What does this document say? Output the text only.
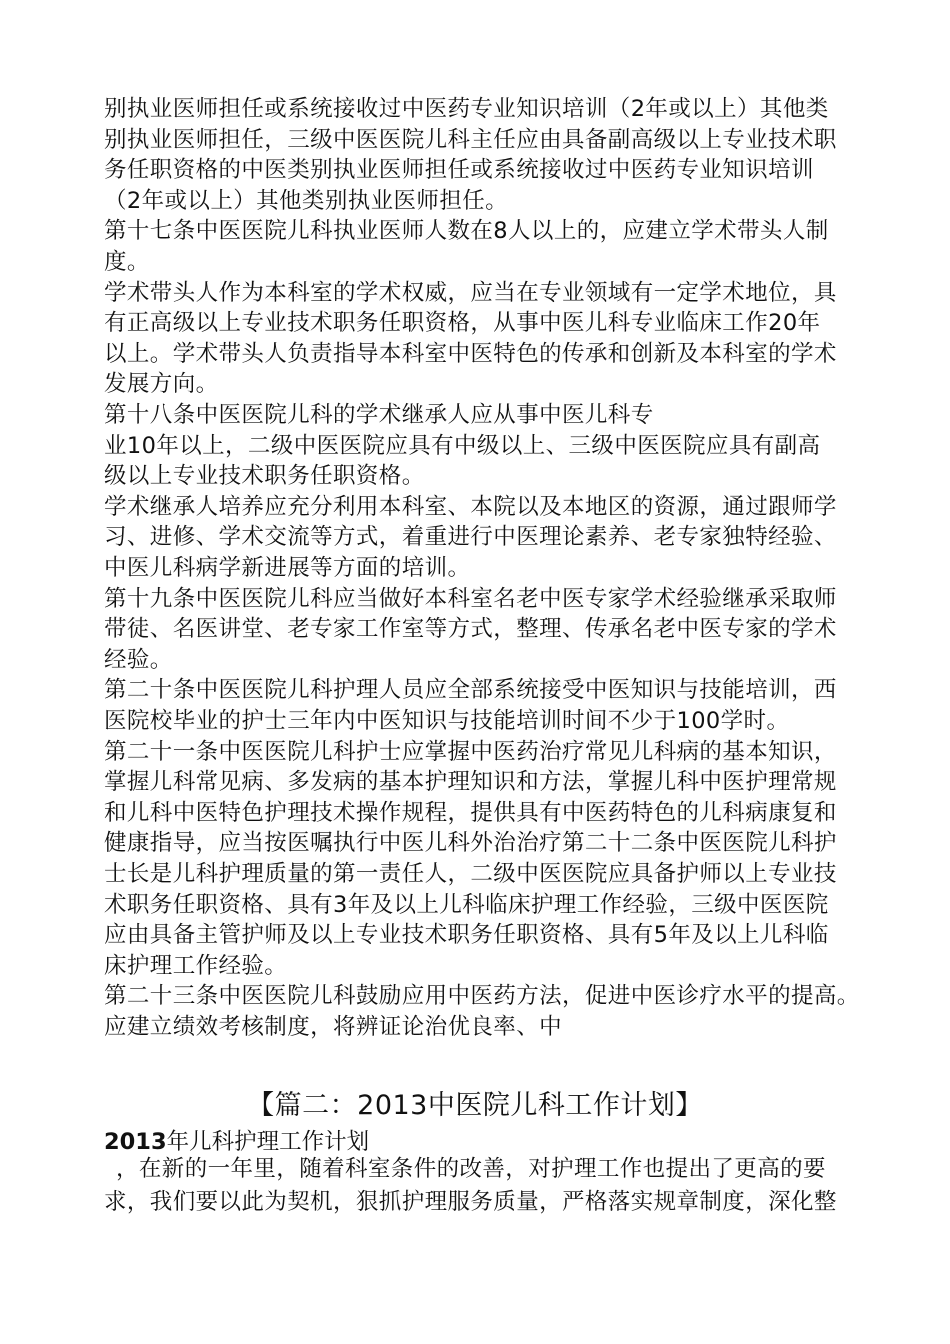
别执业医师担任或系统接收过中医药专业知识培训（2年或以上）其他类
别执业医师担任，三级中医医院儿科主任应由具备副高级以上专业技术职
务任职资格的中医类别执业医师担任或系统接收过中医药专业知识培训
（2年或以上）其他类别执业医师担任。
第十七条中医医院儿科执业医师人数在8人以上的，应建立学术带头人制
度。
学术带头人作为本科室的学术权威，应当在专业领域有一定学术地位，具
有正高级以上专业技术职务任职资格，从事中医儿科专业临床工作20年
以上。学术带头人负责指导本科室中医特色的传承和创新及本科室的学术
发展方向。
第十八条中医医院儿科的学术继承人应从事中医儿科专
业10年以上，二级中医医院应具有中级以上、三级中医医院应具有副高
级以上专业技术职务任职资格。
学术继承人培养应充分利用本科室、本院以及本地区的资源，通过跟师学
习、进修、学术交流等方式，着重进行中医理论素养、老专家独特经验、
中医儿科病学新进展等方面的培训。
第十九条中医医院儿科应当做好本科室名老中医专家学术经验继承采取师
带徒、名医讲堂、老专家工作室等方式，整理、传承名老中医专家的学术
经验。
第二十条中医医院儿科护理人员应全部系统接受中医知识与技能培训，西
医院校毕业的护士三年内中医知识与技能培训时间不少于100学时。
第二十一条中医医院儿科护士应掌握中医药治疗常见儿科病的基本知识，
掌握儿科常见病、多发病的基本护理知识和方法，掌握儿科中医护理常规
和儿科中医特色护理技术操作规程，提供具有中医药特色的儿科病康复和
健康指导，应当按医嘱执行中医儿科外治治疗第二十二条中医医院儿科护
士长是儿科护理质量的第一责任人，二级中医医院应具备护师以上专业技
术职务任职资格、具有3年及以上儿科临床护理工作经验，三级中医医院
应由具备主管护师及以上专业技术职务任职资格、具有5年及以上儿科临
床护理工作经验。
第二十三条中医医院儿科鼓励应用中医药方法，促进中医诊疗水平的提高。
应建立绩效考核制度，将辨证论治优良率、中
【篇二：2013中医院儿科工作计划】
2013年儿科护理工作计划
，在新的一年里，随着科室条件的改善，对护理工作也提出了更高的要
求，我们要以此为契机，狠抓护理服务质量，严格落实规章制度，深化整
